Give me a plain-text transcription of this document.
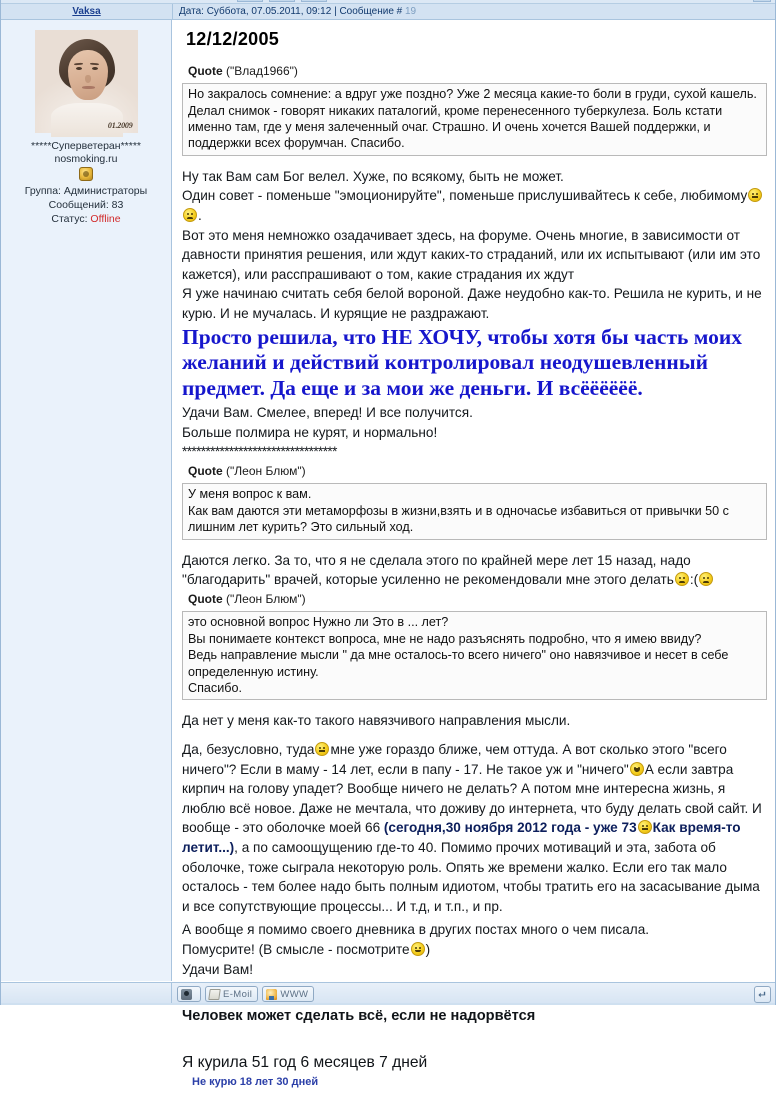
Vaksa	Дата: Суббота, 07.05.2011, 09:12 | Сообщение # 19
01.2009
*****Суперветеран***** nosmoking.ru
Группа: Администраторы
Сообщений: 83
Статус: Offline
12/12/2005
Quote ("Влад1966")
Но закралось сомнение: а вдруг уже поздно? Уже 2 месяца какие-то боли в груди, сухой кашель. Делал снимок - говорят никаких паталогий, кроме перенесенного туберкулеза. Боль кстати именно там, где у меня залеченный очаг. Страшно. И очень хочется Вашей поддержки, и поддержки всех форумчан. Спасибо.

Ну так Вам сам Бог велел. Хуже, по всякому, быть не может.

Один совет - поменьше "эмоционируйте", поменьше прислушивайтесь к себе, любимому
.

Вот это меня немножко озадачивает здесь, на форуме. Очень многие, в зависимости от давности принятия решения, или ждут каких-то страданий, или их испытывают (или им это кажется), или расспрашивают о том, какие страдания их ждут

Я уже начинаю считать себя белой вороной. Даже неудобно как-то. Решила не курить, и не курю. И не мучалась. И курящие не раздражают.

Просто решила, что НЕ ХОЧУ, чтобы хотя бы часть моих желаний и действий контролировал неодушевленный предмет. Да еще и за мои же деньги. И всёёёёёё.

Удачи Вам. Смелее, вперед! И все получится.

Больше полмира не курят, и нормально!

*********************************

Quote ("Леон Блюм")
У меня вопрос к вам.
Как вам даются эти метаморфозы в жизни,взять и в одночасье избавиться от привычки 50 с лишним лет курить? Это сильный ход.

Даются легко. За то, что я не сделала этого по крайней мере лет 15 назад, надо "благодарить" врачей, которые усиленно не рекомендовали мне этого делать :(

Quote ("Леон Блюм")
это основной вопрос Нужно ли Это в ... лет?
Вы понимаете контекст вопроса, мне не надо разъяснять подробно, что я имею ввиду?
Ведь направление мысли " да мне осталось-то всего ничего" оно навязчивое и несет в себе определенную истину.
Спасибо.

Да нет у меня как-то такого навязчивого направления мысли.

Да, безусловно, туда мне уже гораздо ближе, чем оттуда. А вот сколько этого "всего ничего"? Если в маму - 14 лет, если в папу - 17. Не такое уж и "ничего" А если завтра кирпич на голову упадет? Вообще ничего не делать? А потом мне интересна жизнь, я люблю всё новое. Даже не мечтала, что доживу до интернета, что буду делать свой сайт. И вообще - это оболочке моей 66 (сегодня,30 ноября 2012 года - уже 73 Как время-то летит...), а по самоощущению где-то 40. Помимо прочих мотиваций и эта, забота об оболочке, тоже сыграла некоторую роль. Опять же времени жалко. Если его так мало осталось - тем более надо быть полным идиотом, чтобы тратить его на засасывание дыма и все сопутствующие процессы... И т.д, и т.п., и пр.

А вообще я помимо своего дневника в других постах много о чем писала.

Помусрите! (В смысле - посмотрите )

Удачи Вам!

Человек может сделать всё, если не надорвётся
Я курила 51 год 6 месяцев 7 дней
Не курю 18 лет 30 дней
E-Moil	WWW
